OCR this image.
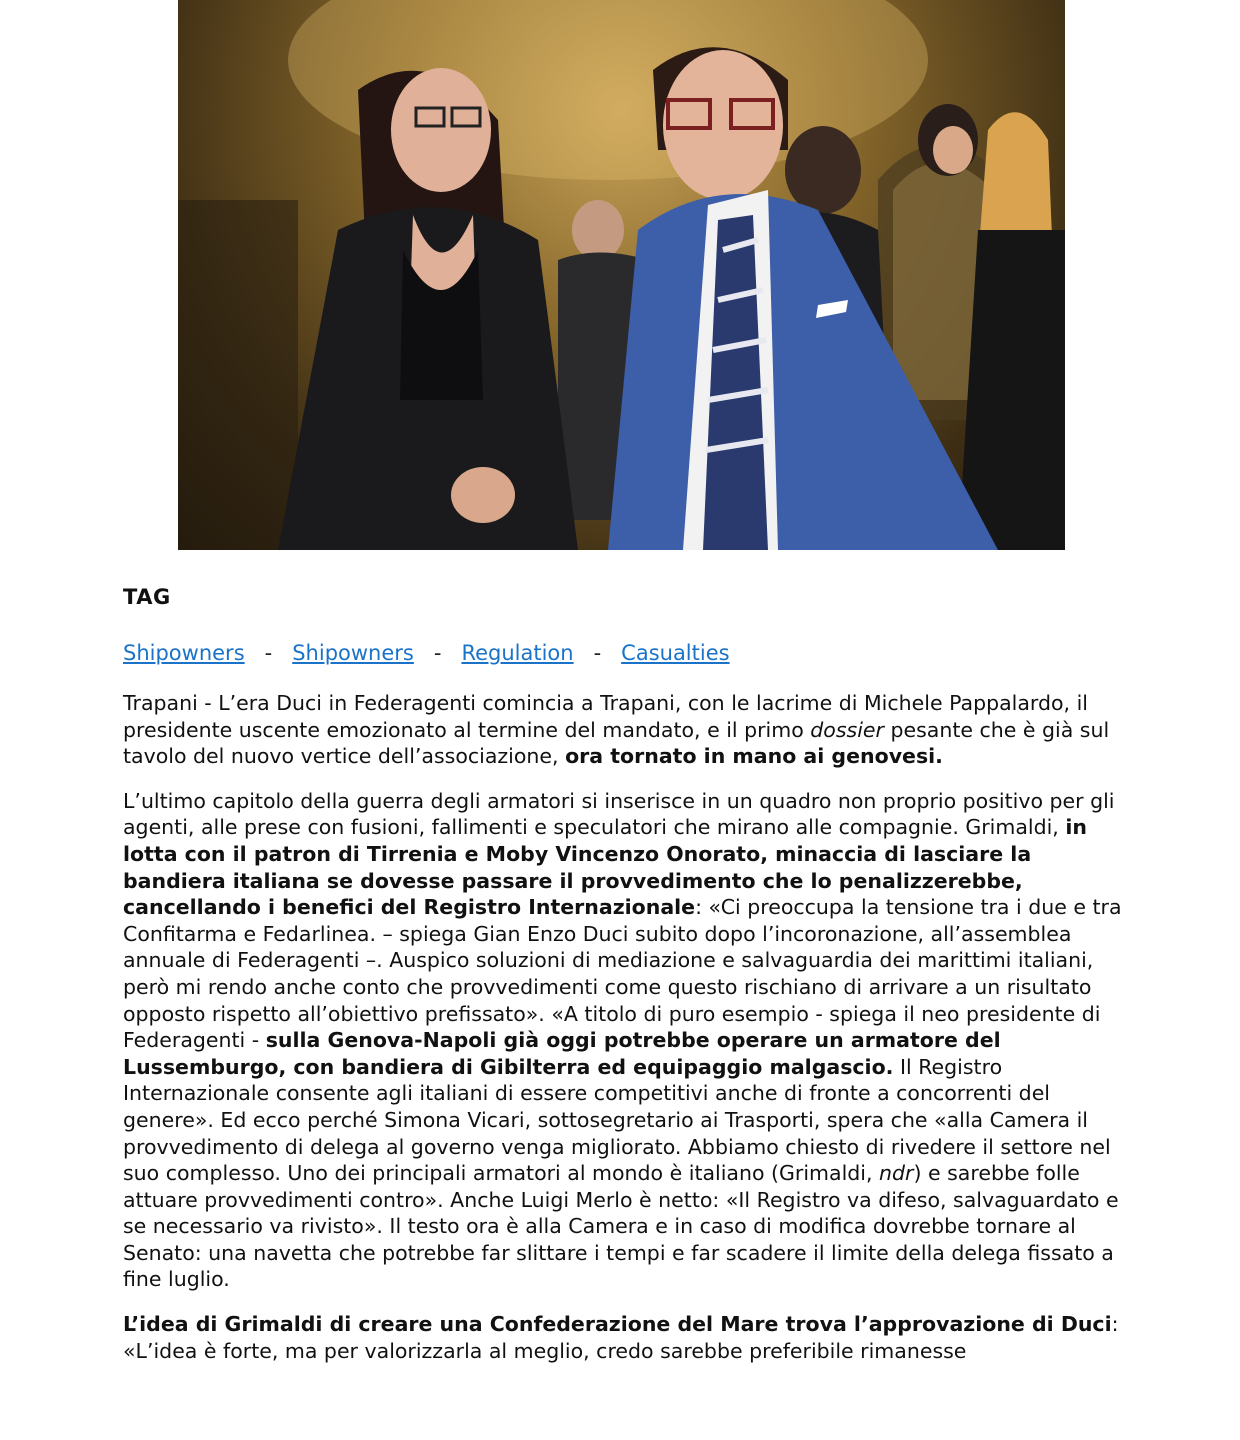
TAG
Shipowners - Shipowners - Regulation - Casualties

Trapani - L’era Duci in Federagenti comincia a Trapani, con le lacrime di Michele Pappalardo, il presidente uscente emozionato al termine del mandato, e il primo dossier pesante che è già sul tavolo del nuovo vertice dell’associazione, ora tornato in mano ai genovesi.

L’ultimo capitolo della guerra degli armatori si inserisce in un quadro non proprio positivo per gli agenti, alle prese con fusioni, fallimenti e speculatori che mirano alle compagnie. Grimaldi, in lotta con il patron di Tirrenia e Moby Vincenzo Onorato, minaccia di lasciare la bandiera italiana se dovesse passare il provvedimento che lo penalizzerebbe, cancellando i benefici del Registro Internazionale: «Ci preoccupa la tensione tra i due e tra Confitarma e Fedarlinea. – spiega Gian Enzo Duci subito dopo l’incoronazione, all’assemblea annuale di Federagenti –. Auspico soluzioni di mediazione e salvaguardia dei marittimi italiani, però mi rendo anche conto che provvedimenti come questo rischiano di arrivare a un risultato opposto rispetto all’obiettivo prefissato». «A titolo di puro esempio - spiega il neo presidente di Federagenti - sulla Genova-Napoli già oggi potrebbe operare un armatore del Lussemburgo, con bandiera di Gibilterra ed equipaggio malgascio. Il Registro Internazionale consente agli italiani di essere competitivi anche di fronte a concorrenti del genere». Ed ecco perché Simona Vicari, sottosegretario ai Trasporti, spera che «alla Camera il provvedimento di delega al governo venga migliorato. Abbiamo chiesto di rivedere il settore nel suo complesso. Uno dei principali armatori al mondo è italiano (Grimaldi, ndr) e sarebbe folle attuare provvedimenti contro». Anche Luigi Merlo è netto: «Il Registro va difeso, salvaguardato e se necessario va rivisto». Il testo ora è alla Camera e in caso di modifica dovrebbe tornare al Senato: una navetta che potrebbe far slittare i tempi e far scadere il limite della delega fissato a fine luglio.

L’idea di Grimaldi di creare una Confederazione del Mare trova l’approvazione di Duci: «L’idea è forte, ma per valorizzarla al meglio, credo sarebbe preferibile rimanesse
